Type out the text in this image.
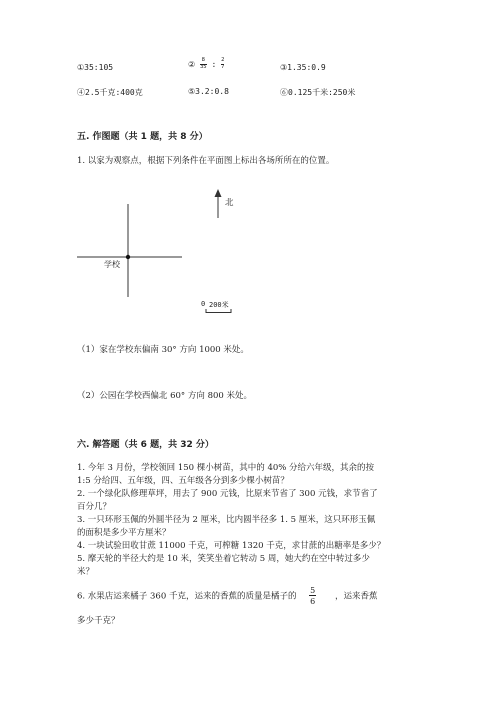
①35:105	② $\frac{8}{35}$ : $\frac{2}{7}$	③1.35:0.9
④2.5千克:400克	⑤3.2:0.8	⑥0.125千米:250米
五. 作图题（共 1 题，共 8 分）
1. 以家为观察点，根据下列条件在平面图上标出各场所所在的位置。
北
学校
0 200米
（1）家在学校东偏南 30° 方向 1000 米处。
（2）公园在学校西偏北 60° 方向 800 米处。
六. 解答题（共 6 题，共 32 分）
1. 今年 3 月份，学校领回 150 棵小树苗，其中的 40% 分给六年级，其余的按
1:5 分给四、五年级，四、五年级各分到多少棵小树苗？
2. 一个绿化队修理草坪，用去了 900 元钱，比原来节省了 300 元钱，求节省了
百分几？
3. 一只环形玉佩的外圆半径为 2 厘米，比内圆半径多 1. 5 厘米，这只环形玉佩
的面积是多少平方厘米？
4. 一块试验田收甘蔗 11000 千克，可榨糖 1320 千克，求甘蔗的出糖率是多少？
5. 摩天轮的半径大约是 10 米，笑笑坐着它转动 5 周，她大约在空中转过多少
米？
6. 水果店运来橘子 360 千克，运来的香蕉的质量是橘子的 $\frac{5}{6}$ ，运来香蕉
多少千克？
